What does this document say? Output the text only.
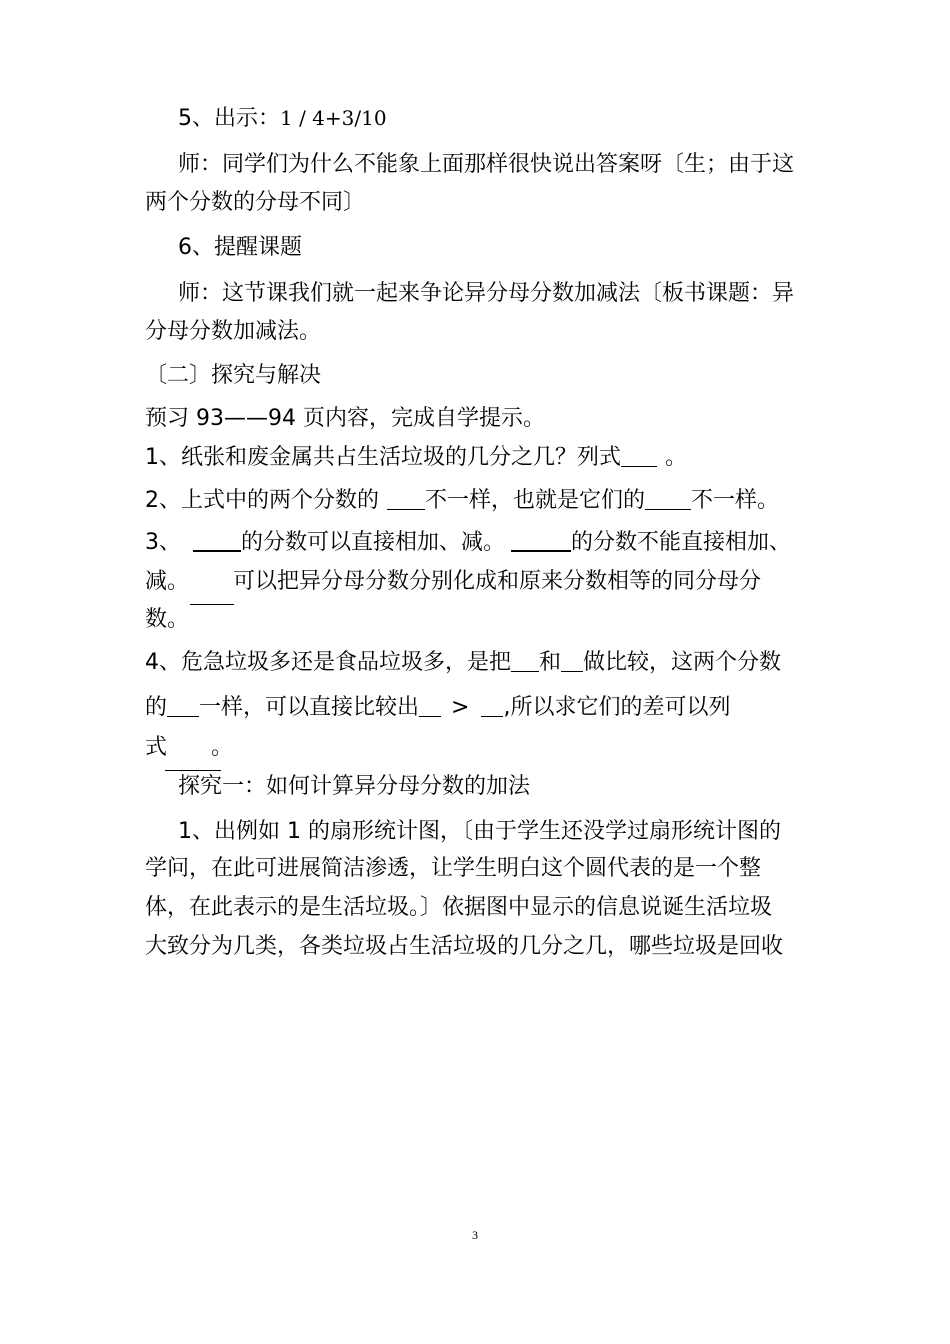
5、出示：1 / 4+3/10
师：同学们为什么不能象上面那样很快说出答案呀〔生；由于这
两个分数的分母不同〕
6、提醒课题
师：这节课我们就一起来争论异分母分数加减法〔板书课题：异
分母分数加减法。
〔二〕探究与解决
预习 93——94 页内容，完成自学提示。
1、纸张和废金属共占生活垃圾的几分之几？列式 。
2、上式中的两个分数的 不一样，也就是它们的 不一样。
3、	的分数可以直接相加、减。	的分数不能直接相加、
减。 可以把异分母分数分别化成和原来分数相等的同分母分
数。
4、危急垃圾多还是食品垃圾多，是把 和 做比较，这两个分数
的 一样，可以直接比较出 > ,所以求它们的差可以列
式 。
探究一：如何计算异分母分数的加法
1、出例如 1 的扇形统计图，〔由于学生还没学过扇形统计图的
学问，在此可进展简洁渗透，让学生明白这个圆代表的是一个整
体，在此表示的是生活垃圾。〕依据图中显示的信息说诞生活垃圾
大致分为几类，各类垃圾占生活垃圾的几分之几，哪些垃圾是回收
3
